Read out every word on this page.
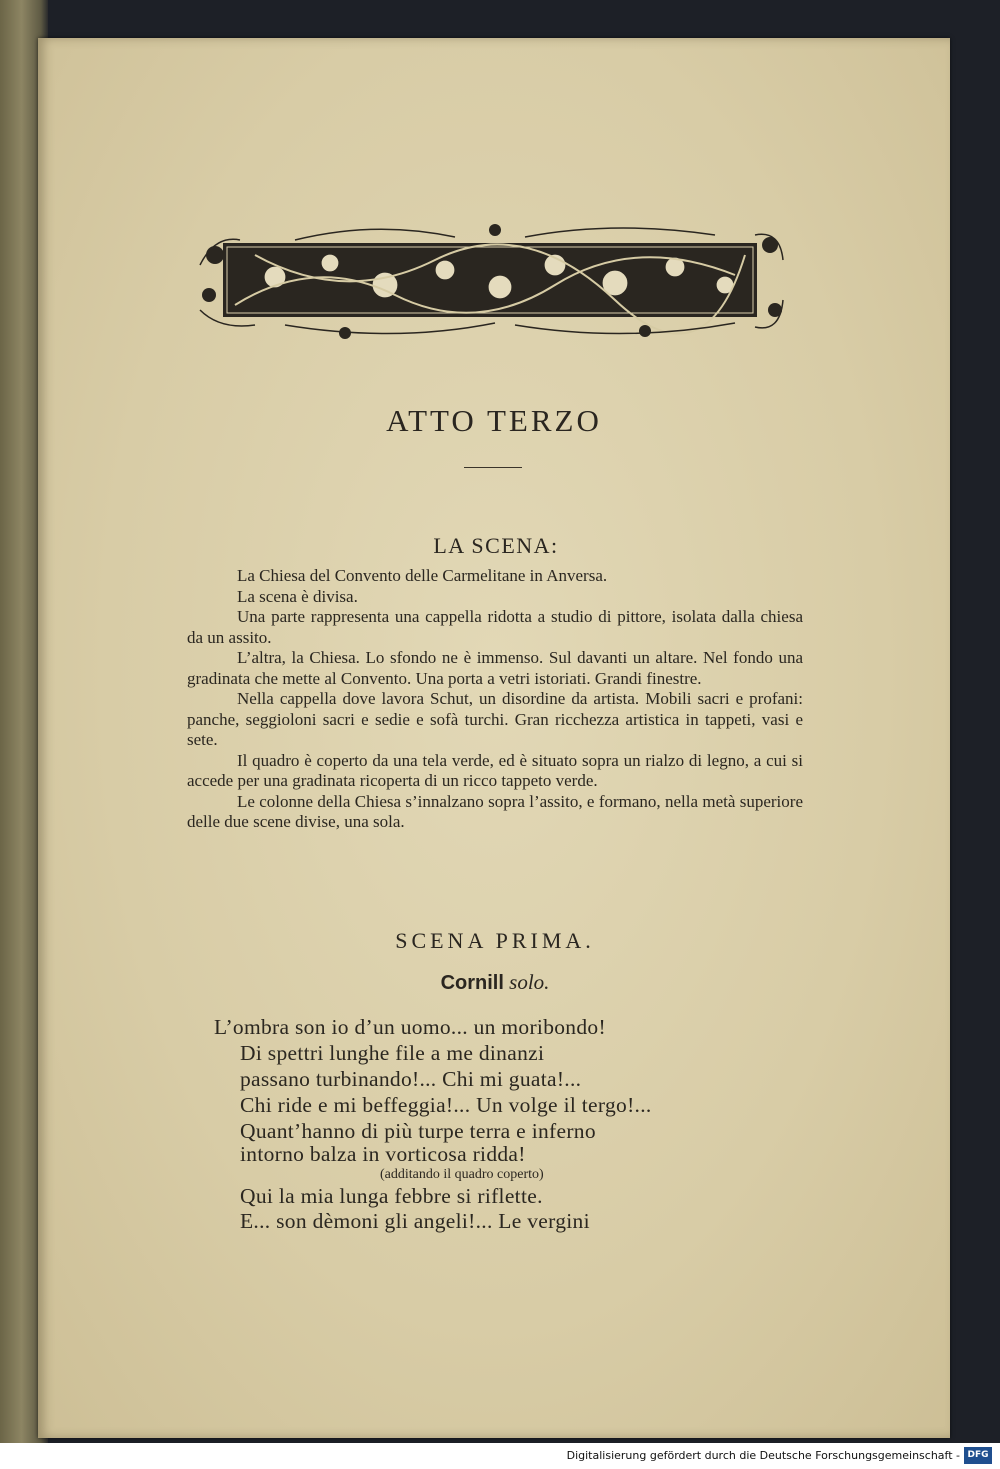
ATTO TERZO
LA SCENA:

La Chiesa del Convento delle Carmelitane in Anversa.

La scena è divisa.

Una parte rappresenta una cappella ridotta a studio di pittore, isolata dalla chiesa da un assito.

L’altra, la Chiesa. Lo sfondo ne è immenso. Sul davanti un altare. Nel fondo una gradinata che mette al Convento. Una porta a vetri istoriati. Grandi finestre.

Nella cappella dove lavora Schut, un disordine da artista. Mobili sacri e profani: panche, seggioloni sacri e sedie e sofà turchi. Gran ricchezza artistica in tappeti, vasi e sete.

Il quadro è coperto da una tela verde, ed è situato sopra un rialzo di legno, a cui si accede per una gradinata ricoperta di un ricco tappeto verde.

Le colonne della Chiesa s’innalzano sopra l’assito, e formano, nella metà superiore delle due scene divise, una sola.

SCENA PRIMA.
Cornill solo.
L’ombra son io d’un uomo... un moribondo!
Di spettri lunghe file a me dinanzi
passano turbinando!... Chi mi guata!...
Chi ride e mi beffeggia!... Un volge il tergo!...
Quant’hanno di più turpe terra e inferno
intorno balza in vorticosa ridda!
(additando il quadro coperto)
Qui la mia lunga febbre si riflette.
E... son dèmoni gli angeli!... Le vergini
Digitalisierung gefördert durch die Deutsche Forschungsgemeinschaft - DFG
